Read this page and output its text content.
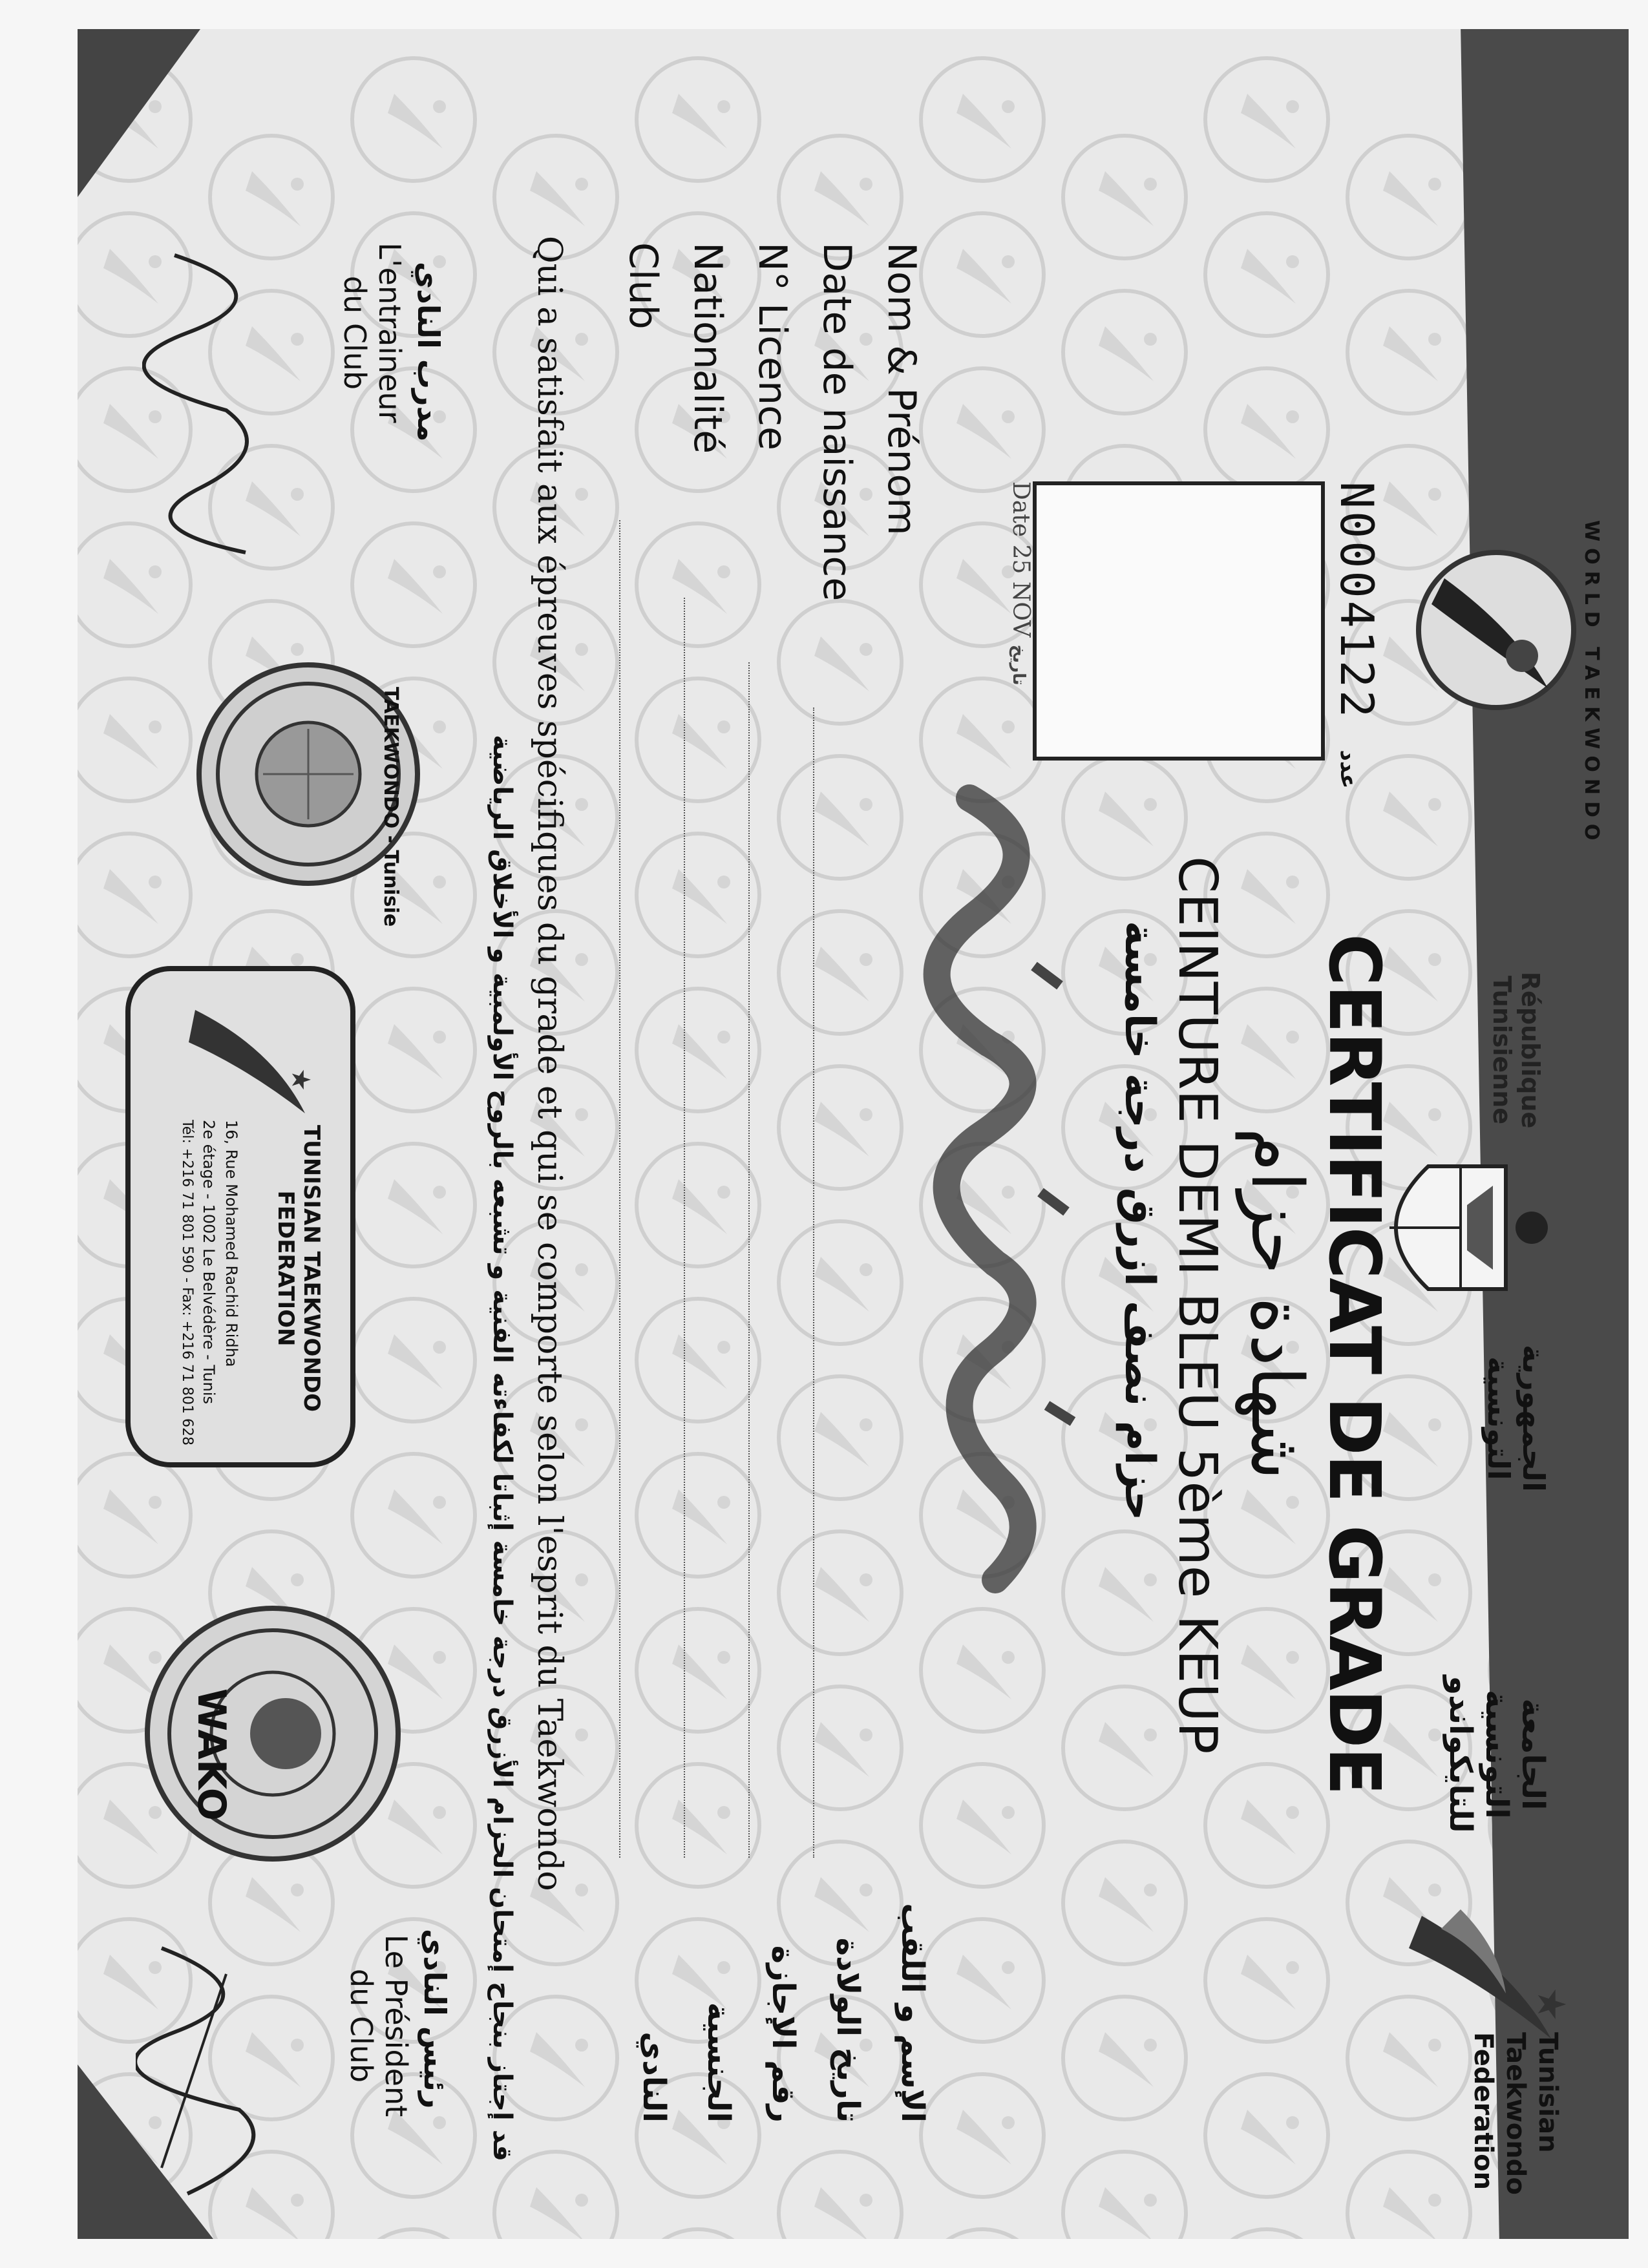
WORLD TAEKWONDO
République Tunisienne
الجمهورية التونسية
الجامعة التونسية للتايكواندو
★
Tunisian Taekwondo Federation
N0004122 عدد
Date 25 NOV تاريخ
CERTIFICAT DE GRADE
شهادة حزام
CEINTURE DEMI BLEU 5ème KEUP
حزام نصف ازرق درجة خامسة
Nom & Prénom
Date de naissance
N° Licence
Nationalité
Club
الإسم و اللقب
تاريخ الولادة
رقم الإجازة
الجنسية
النادي
Qui a satisfait aux épreuves spécifiques du grade et qui se comporte selon l'esprit du Taekwondo
قد إجتاز بنجاح إمتحان الحزام الأزرق درجة خامسة إثباتا لكفاءته الفنية و تشبعه بالروح الأولمبية و الأخلاق الرياضية
مدرب النادي
L'entraineur du Club
رئيس النادي
Le Président du Club
TAEKWONDO - Tunisie
★
TUNISIAN TAEKWONDO FEDERATION
16, Rue Mohamed Rachid Ridha
2e étage - 1002 Le Belvédère - Tunis
Tél: +216 71 801 590 - Fax: +216 71 801 628
WAKO
